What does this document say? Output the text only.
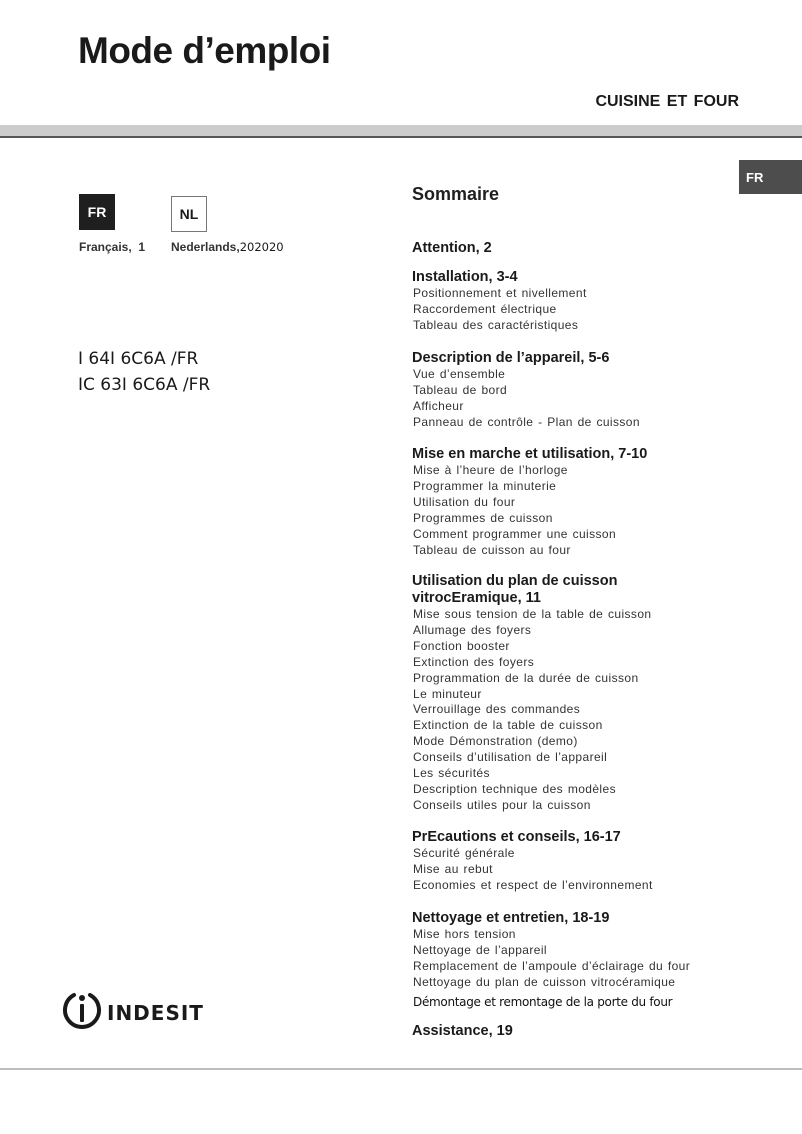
Mode d’emploi
CUISINE ET FOUR
FR
FR	NL
Français, 1 Nederlands,202020
I 64I 6C6A /FR
IC 63I 6C6A /FR
Sommaire
Attention, 2
Installation, 3-4
Positionnement et nivellement
Raccordement électrique
Tableau des caractéristiques
Description de l’appareil, 5-6
Vue d’ensemble
Tableau de bord
Afficheur
Panneau de contrôle - Plan de cuisson
Mise en marche et utilisation, 7-10
Mise à l’heure de l’horloge
Programmer la minuterie
Utilisation du four
Programmes de cuisson
Comment programmer une cuisson
Tableau de cuisson au four
Utilisation du plan de cuisson
vitrocEramique, 11
Mise sous tension de la table de cuisson
Allumage des foyers
Fonction booster
Extinction des foyers
Programmation de la durée de cuisson
Le minuteur
Verrouillage des commandes
Extinction de la table de cuisson
Mode Démonstration (demo)
Conseils d’utilisation de l’appareil
Les sécurités
Description technique des modèles
Conseils utiles pour la cuisson
PrEcautions et conseils, 16-17
Sécurité générale
Mise au rebut
Economies et respect de l’environnement
Nettoyage et entretien, 18-19
Mise hors tension
Nettoyage de l’appareil
Remplacement de l’ampoule d’éclairage du four
Nettoyage du plan de cuisson vitrocéramique
Démontage et remontage de la porte du four
Assistance, 19
indesit
